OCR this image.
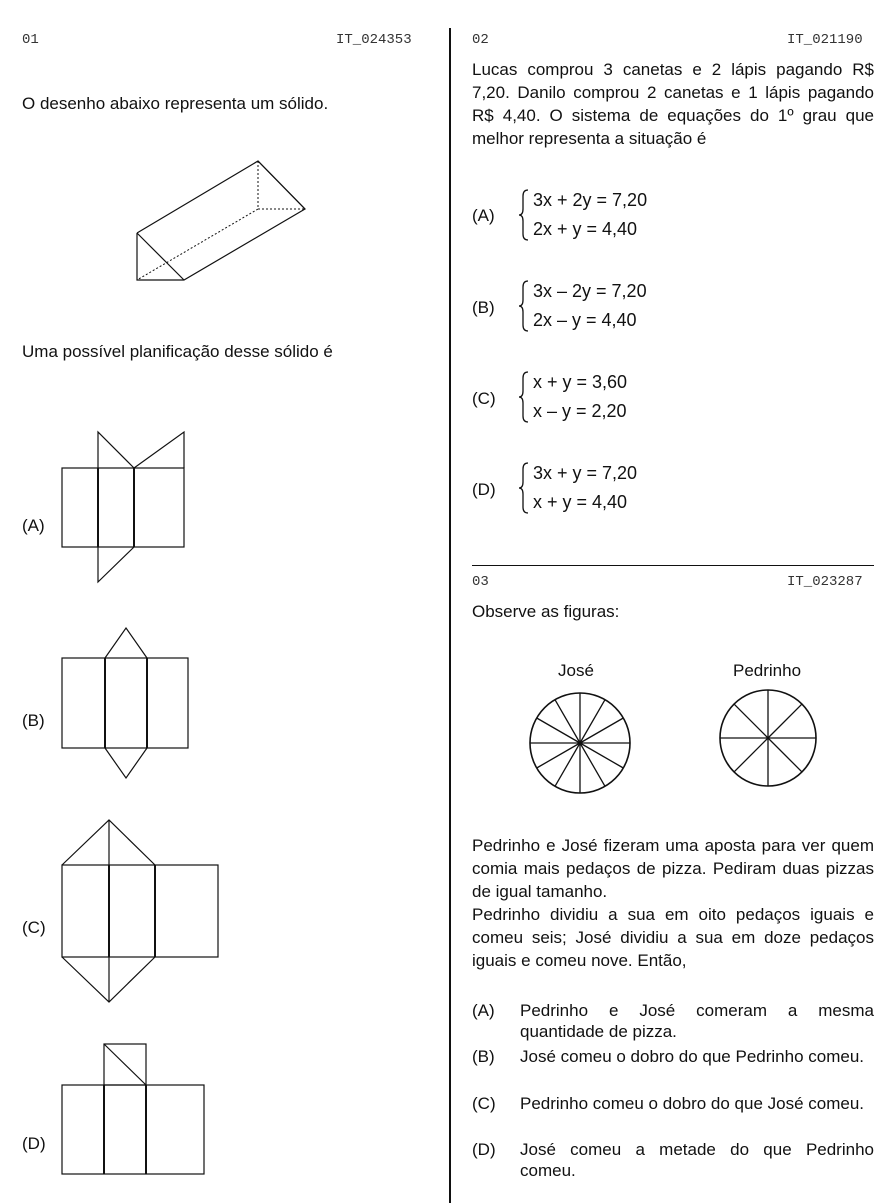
01	IT_024353
O desenho abaixo representa um sólido.
Uma possível planificação desse sólido é
(A)
(B)
(C)
(D)
02	IT_021190
Lucas comprou 3 canetas e 2 lápis pagando R$ 7,20. Danilo comprou 2 canetas e 1 lápis pagando R$ 4,40. O sistema de equações do 1º grau que melhor representa a situação é
(A)
3x + 2y = 7,20
2x + y = 4,40
(B)
3x – 2y = 7,20
2x – y = 4,40
(C)
x + y = 3,60
x – y = 2,20
(D)
3x + y = 7,20
x + y = 4,40
03	IT_023287
Observe as figuras:
José	Pedrinho
Pedrinho e José fizeram uma aposta para ver quem comia mais pedaços de pizza. Pediram duas pizzas de igual tamanho.
Pedrinho dividiu a sua em oito pedaços iguais e comeu seis; José dividiu a sua em doze pedaços iguais e comeu nove. Então,
(A) Pedrinho e José comeram a mesma quantidade de pizza.
(B) José comeu o dobro do que Pedrinho comeu.
(C) Pedrinho comeu o dobro do que José comeu.
(D) José comeu a metade do que Pedrinho comeu.
